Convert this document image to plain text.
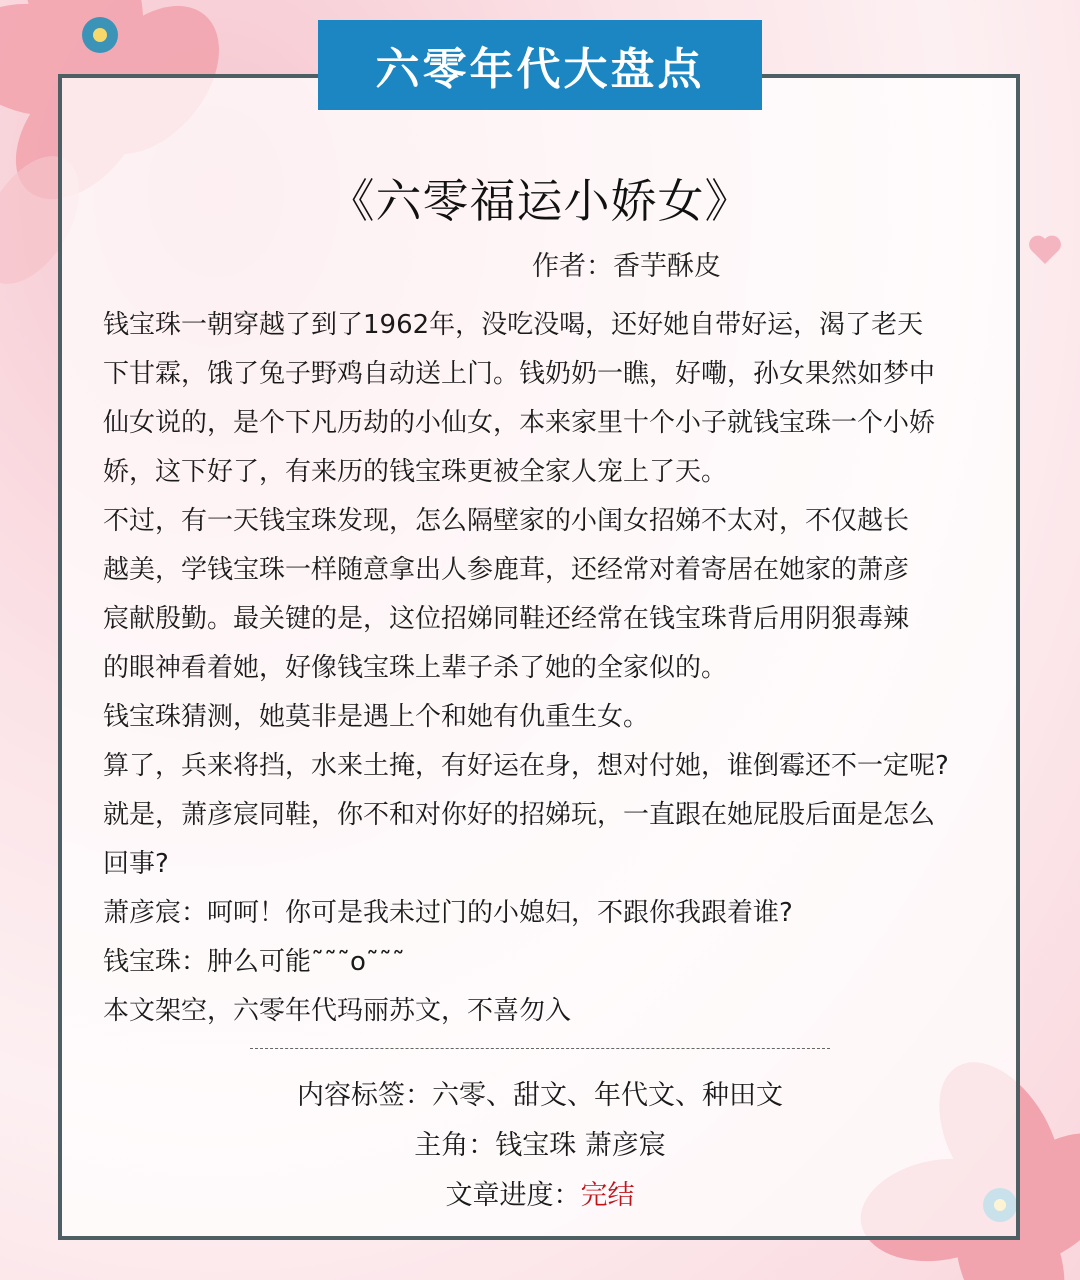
六零年代大盘点
《六零福运小娇女》
作者：香芋酥皮

钱宝珠一朝穿越了到了1962年，没吃没喝，还好她自带好运，渴了老天

下甘霖，饿了兔子野鸡自动送上门。钱奶奶一瞧，好嘞，孙女果然如梦中

仙女说的，是个下凡历劫的小仙女，本来家里十个小子就钱宝珠一个小娇

娇，这下好了，有来历的钱宝珠更被全家人宠上了天。

不过，有一天钱宝珠发现，怎么隔壁家的小闺女招娣不太对，不仅越长

越美，学钱宝珠一样随意拿出人参鹿茸，还经常对着寄居在她家的萧彦

宸献殷勤。最关键的是，这位招娣同鞋还经常在钱宝珠背后用阴狠毒辣

的眼神看着她，好像钱宝珠上辈子杀了她的全家似的。

钱宝珠猜测，她莫非是遇上个和她有仇重生女。

算了，兵来将挡，水来土掩，有好运在身，想对付她，谁倒霉还不一定呢?

就是，萧彦宸同鞋，你不和对你好的招娣玩，一直跟在她屁股后面是怎么

回事?

萧彦宸：呵呵！你可是我未过门的小媳妇，不跟你我跟着谁?

钱宝珠：肿么可能˜˜˜o˜˜˜

本文架空，六零年代玛丽苏文，不喜勿入

内容标签：六零、甜文、年代文、种田文
主角：钱宝珠 萧彦宸
文章进度：完结
